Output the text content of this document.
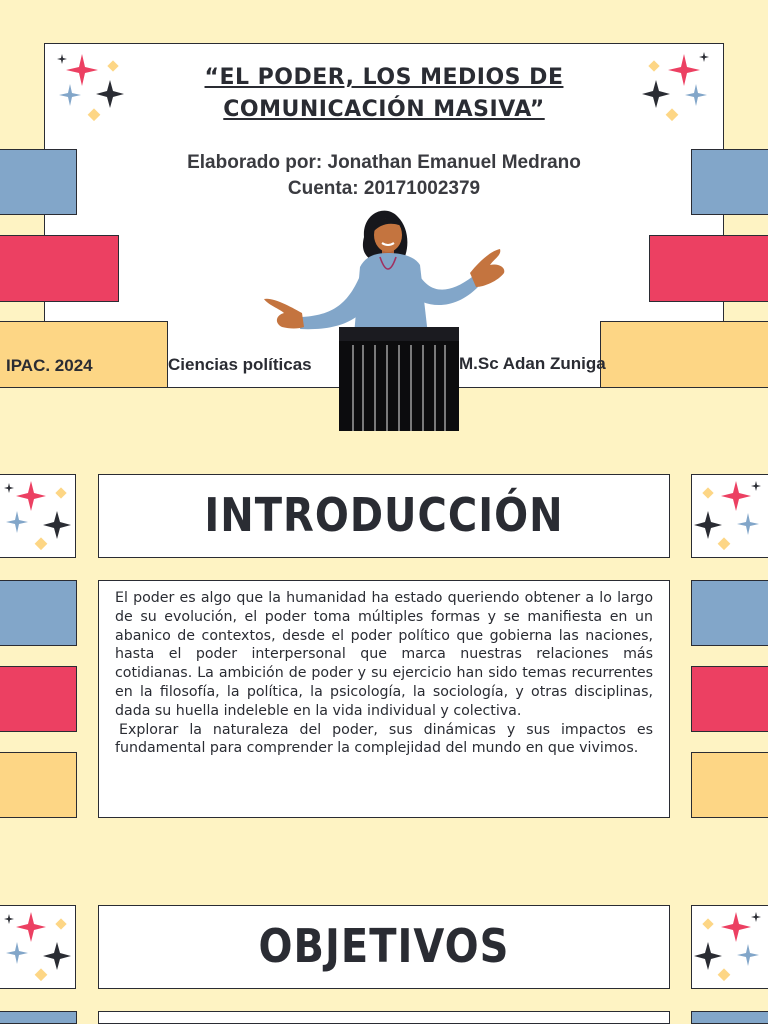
“EL PODER, LOS MEDIOS DE
COMUNICACIÓN MASIVA”
Elaborado por: Jonathan Emanuel Medrano
Cuenta: 20171002379
IPAC. 2024	Ciencias políticas	M.Sc Adan Zuniga
INTRODUCCIÓN

El poder es algo que la humanidad ha estado queriendo obtener a lo largo de su evolución, el poder toma múltiples formas y se manifiesta en un abanico de contextos, desde el poder político que gobierna las naciones, hasta el poder interpersonal que marca nuestras relaciones más cotidianas. La ambición de poder y su ejercicio han sido temas recurrentes en la filosofía, la política, la psicología, la sociología, y otras disciplinas, dada su huella indeleble en la vida individual y colectiva.

Explorar la naturaleza del poder, sus dinámicas y sus impactos es fundamental para comprender la complejidad del mundo en que vivimos.

OBJETIVOS
